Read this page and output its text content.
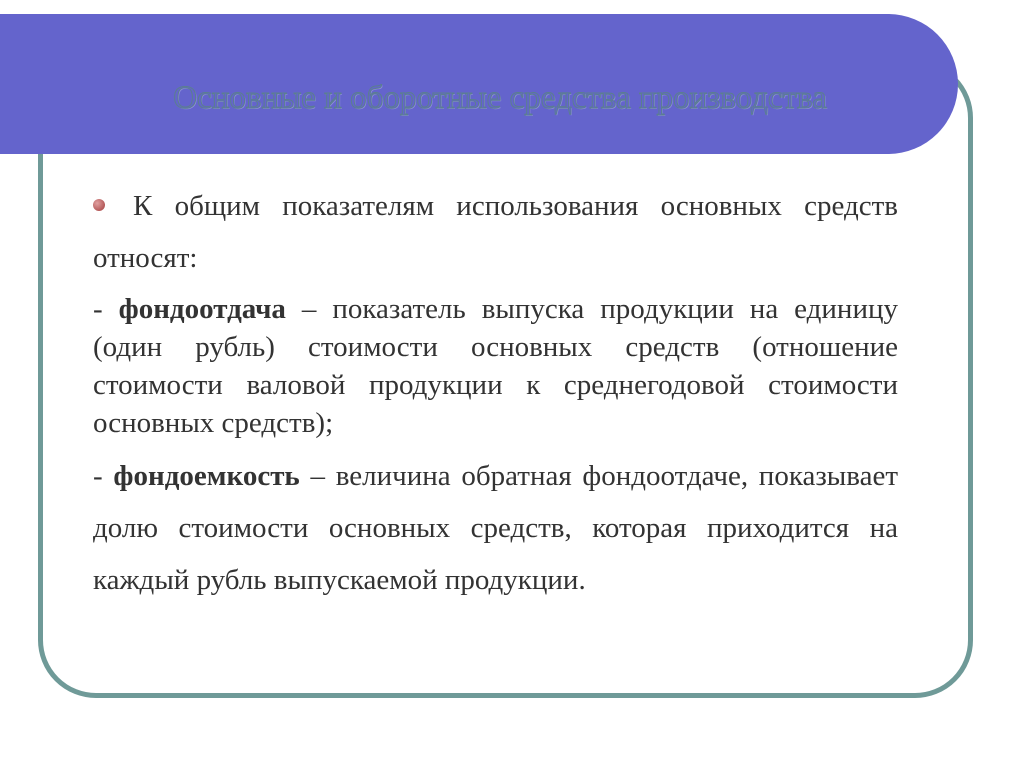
Основные и оборотные средства производства

К общим показателям использования основных средств относят:

- фондоотдача – показатель выпуска продукции на единицу (один рубль) стоимости основных средств (отношение стоимости валовой продукции к среднегодовой стоимости основных средств);

- фондоемкость – величина обратная фондоотдаче, показывает долю стоимости основных средств, которая приходится на каждый рубль выпускаемой продукции.
